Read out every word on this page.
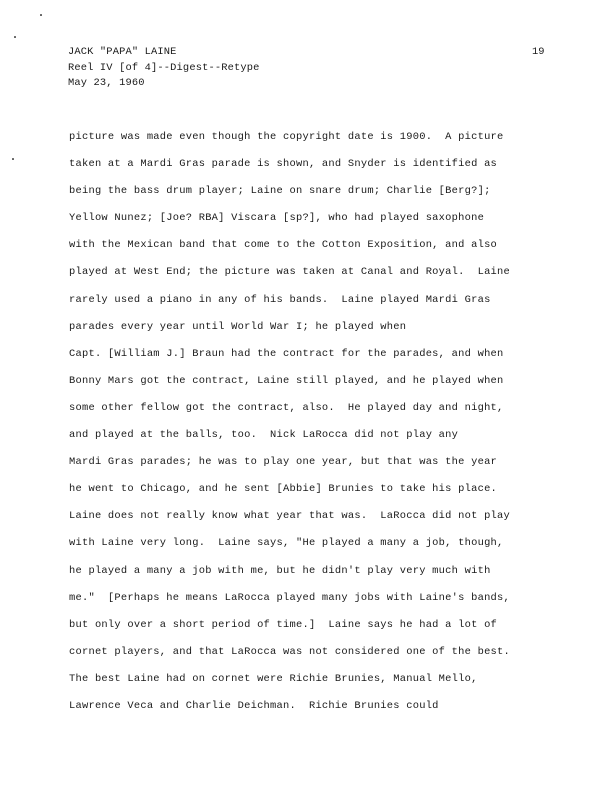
JACK "PAPA" LAINE
Reel IV [of 4]--Digest--Retype
May 23, 1960
19
picture was made even though the copyright date is 1900.  A picture
taken at a Mardi Gras parade is shown, and Snyder is identified as
being the bass drum player; Laine on snare drum; Charlie [Berg?];
Yellow Nunez; [Joe? RBA] Viscara [sp?], who had played saxophone
with the Mexican band that come to the Cotton Exposition, and also
played at West End; the picture was taken at Canal and Royal.  Laine
rarely used a piano in any of his bands.  Laine played Mardi Gras
parades every year until World War I; he played when
Capt. [William J.] Braun had the contract for the parades, and when
Bonny Mars got the contract, Laine still played, and he played when
some other fellow got the contract, also.  He played day and night,
and played at the balls, too.  Nick LaRocca did not play any
Mardi Gras parades; he was to play one year, but that was the year
he went to Chicago, and he sent [Abbie] Brunies to take his place.
Laine does not really know what year that was.  LaRocca did not play
with Laine very long.  Laine says, "He played a many a job, though,
he played a many a job with me, but he didn't play very much with
me."  [Perhaps he means LaRocca played many jobs with Laine's bands,
but only over a short period of time.]  Laine says he had a lot of
cornet players, and that LaRocca was not considered one of the best.
The best Laine had on cornet were Richie Brunies, Manual Mello,
Lawrence Veca and Charlie Deichman.  Richie Brunies could
